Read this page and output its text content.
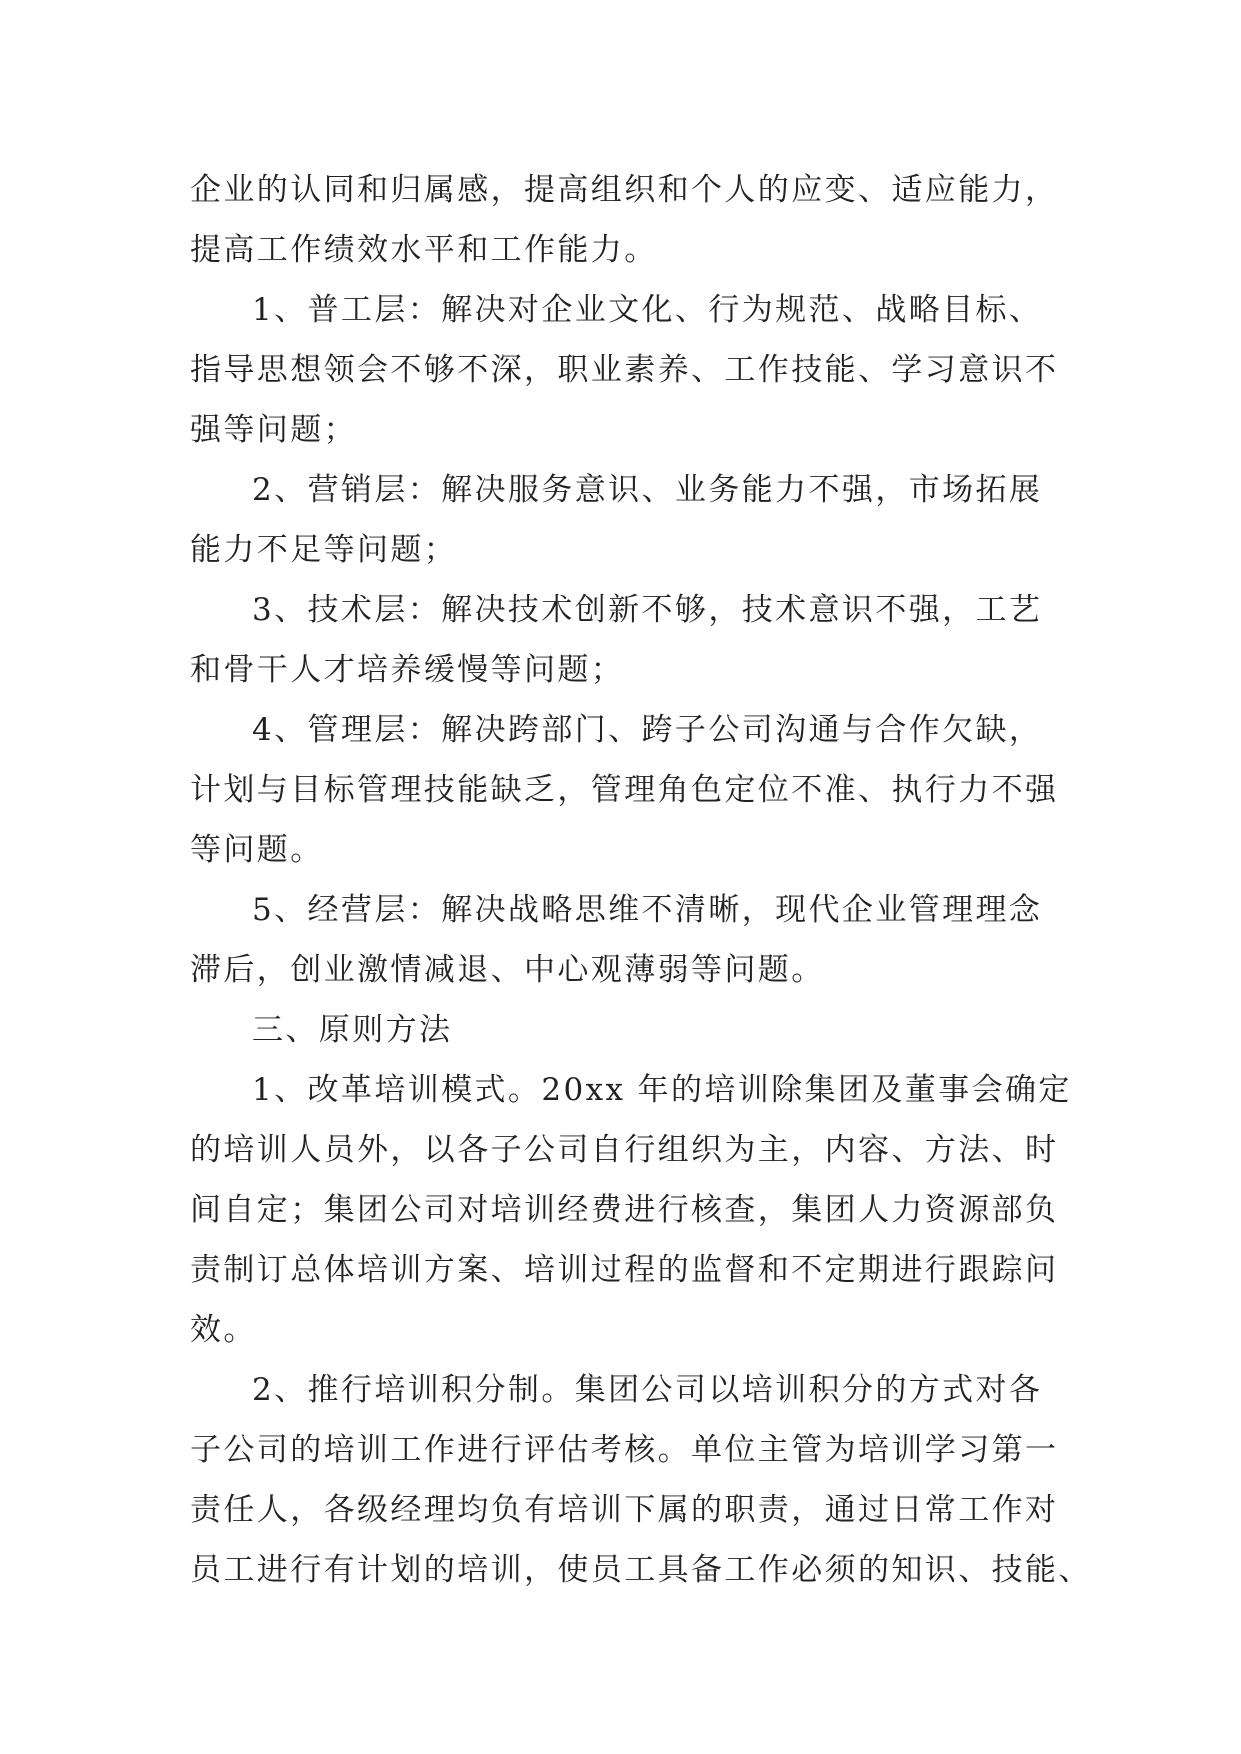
企业的认同和归属感，提高组织和个人的应变、适应能力，
提高工作绩效水平和工作能力。

1、普工层：解决对企业文化、行为规范、战略目标、
指导思想领会不够不深，职业素养、工作技能、学习意识不
强等问题；

2、营销层：解决服务意识、业务能力不强，市场拓展
能力不足等问题；

3、技术层：解决技术创新不够，技术意识不强，工艺
和骨干人才培养缓慢等问题；

4、管理层：解决跨部门、跨子公司沟通与合作欠缺，
计划与目标管理技能缺乏，管理角色定位不准、执行力不强
等问题。

5、经营层：解决战略思维不清晰，现代企业管理理念
滞后，创业激情减退、中心观薄弱等问题。

三、原则方法

1、改革培训模式。20xx 年的培训除集团及董事会确定
的培训人员外，以各子公司自行组织为主，内容、方法、时
间自定；集团公司对培训经费进行核查，集团人力资源部负
责制订总体培训方案、培训过程的监督和不定期进行跟踪问
效。

2、推行培训积分制。集团公司以培训积分的方式对各
子公司的培训工作进行评估考核。单位主管为培训学习第一
责任人，各级经理均负有培训下属的职责，通过日常工作对
员工进行有计划的培训，使员工具备工作必须的知识、技能、
